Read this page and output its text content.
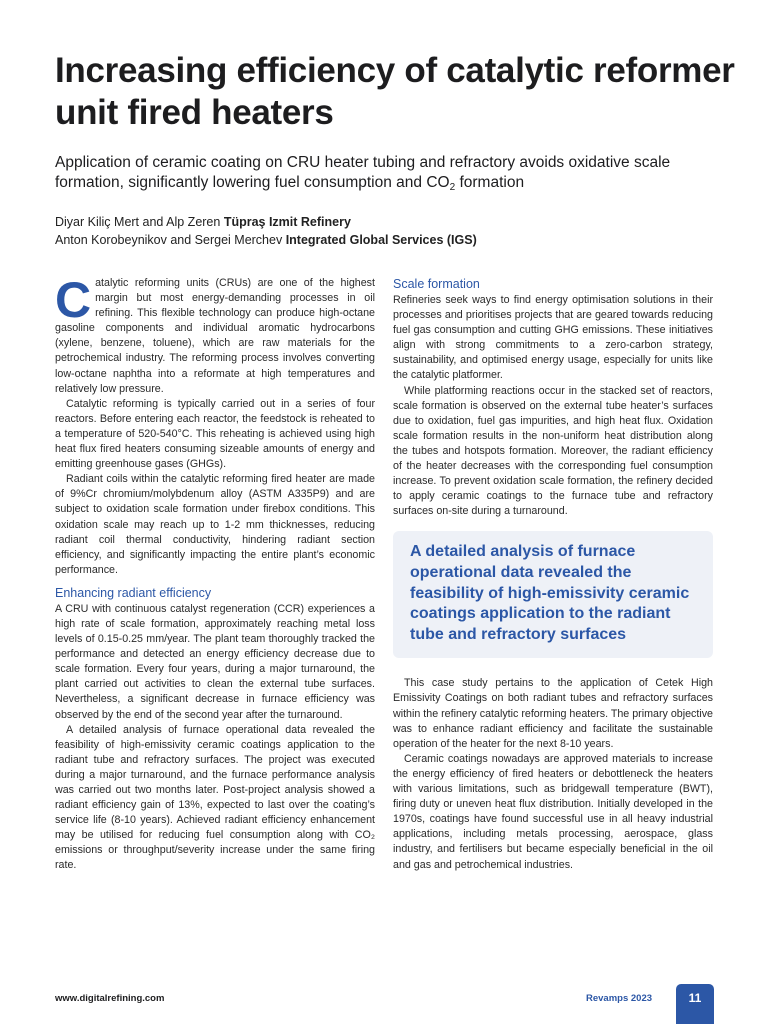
Increasing efficiency of catalytic reformer unit fired heaters

Application of ceramic coating on CRU heater tubing and refractory avoids oxidative scale formation, significantly lowering fuel consumption and $CO_2$ formation

Diyar Kiliç Mert and Alp Zeren Tüpraş Izmit Refinery
Anton Korobeynikov and Sergei Merchev Integrated Global Services (IGS)

Catalytic reforming units (CRUs) are one of the highest margin but most energy-demanding processes in oil refining. This flexible technology can produce high-octane gasoline components and individual aromatic hydrocarbons (xylene, benzene, toluene), which are raw materials for the petrochemical industry. The reforming process involves converting low-octane naphtha into a reformate at high temperatures and relatively low pressure.

Catalytic reforming is typically carried out in a series of four reactors. Before entering each reactor, the feedstock is reheated to a temperature of 520-540°C. This reheating is achieved using high heat flux fired heaters consuming sizeable amounts of energy and emitting greenhouse gases (GHGs).

Radiant coils within the catalytic reforming fired heater are made of 9%Cr chromium/molybdenum alloy (ASTM A335P9) and are subject to oxidation scale formation under firebox conditions. This oxidation scale may reach up to 1-2 mm thicknesses, reducing radiant coil thermal conductivity, hindering radiant section efficiency, and significantly impacting the entire plant’s economic performance.

Enhancing radiant efficiency

A CRU with continuous catalyst regeneration (CCR) experiences a high rate of scale formation, approximately reaching metal loss levels of 0.15-0.25 mm/year. The plant team thoroughly tracked the performance and detected an energy efficiency decrease due to scale formation. Every four years, during a major turnaround, the plant carried out activities to clean the external tube surfaces. Nevertheless, a significant decrease in furnace efficiency was observed by the end of the second year after the turnaround.

A detailed analysis of furnace operational data revealed the feasibility of high-emissivity ceramic coatings application to the radiant tube and refractory surfaces. The project was executed during a major turnaround, and the furnace performance analysis was carried out two months later. Post-project analysis showed a radiant efficiency gain of 13%, expected to last over the coating’s service life (8-10 years). Achieved radiant efficiency enhancement may be utilised for reducing fuel consumption along with CO₂ emissions or throughput/severity increase under the same firing rate.

Scale formation

Refineries seek ways to find energy optimisation solutions in their processes and prioritises projects that are geared towards reducing fuel gas consumption and cutting GHG emissions. These initiatives align with strong commitments to a zero-carbon strategy, sustainability, and optimised energy usage, especially for units like the catalytic platformer.

While platforming reactions occur in the stacked set of reactors, scale formation is observed on the external tube heater’s surfaces due to oxidation, fuel gas impurities, and high heat flux. Oxidation scale formation results in the non-uniform heat distribution along the tubes and hotspots formation. Moreover, the radiant efficiency of the heater decreases with the corresponding fuel consumption increase. To prevent oxidation scale formation, the refinery decided to apply ceramic coatings to the furnace tube and refractory surfaces on-site during a turnaround.

A detailed analysis of furnace operational data revealed the feasibility of high-emissivity ceramic coatings application to the radiant tube and refractory surfaces

This case study pertains to the application of Cetek High Emissivity Coatings on both radiant tubes and refractory surfaces within the refinery catalytic reforming heaters. The primary objective was to enhance radiant efficiency and facilitate the sustainable operation of the heater for the next 8-10 years.

Ceramic coatings nowadays are approved materials to increase the energy efficiency of fired heaters or debottleneck the heaters with various limitations, such as bridgewall temperature (BWT), firing duty or uneven heat flux distribution. Initially developed in the 1970s, coatings have found successful use in all heavy industrial applications, including metals processing, aerospace, glass industry, and fertilisers but became especially beneficial in the oil and gas and petrochemical industries.

www.digitalrefining.com	Revamps 2023	11
